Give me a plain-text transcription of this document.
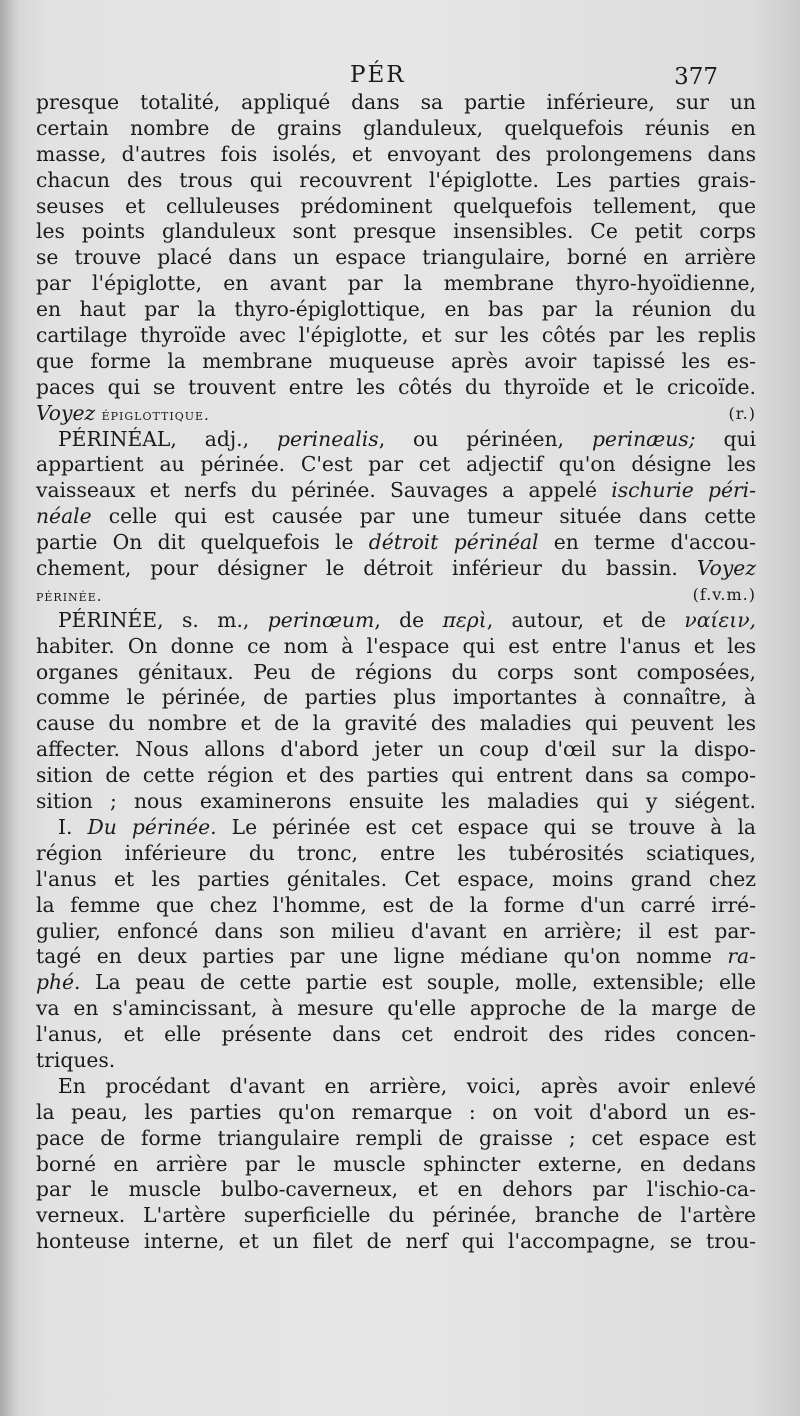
PÉR	377
presque totalité, appliqué dans sa partie inférieure, sur un
certain nombre de grains glanduleux, quelquefois réunis en
masse, d'autres fois isolés, et envoyant des prolongemens dans
chacun des trous qui recouvrent l'épiglotte. Les parties grais-
seuses et celluleuses prédominent quelquefois tellement, que
les points glanduleux sont presque insensibles. Ce petit corps
se trouve placé dans un espace triangulaire, borné en arrière
par l'épiglotte, en avant par la membrane thyro-hyoïdienne,
en haut par la thyro-épiglottique, en bas par la réunion du
cartilage thyroïde avec l'épiglotte, et sur les côtés par les replis
que forme la membrane muqueuse après avoir tapissé les es-
paces qui se trouvent entre les côtés du thyroïde et le cricoïde.
Voyez épiglottique.	(r.)
PÉRINÉAL, adj., perinealis, ou périnéen, perinæus; qui
appartient au périnée. C'est par cet adjectif qu'on désigne les
vaisseaux et nerfs du périnée. Sauvages a appelé ischurie péri-
néale celle qui est causée par une tumeur située dans cette
partie On dit quelquefois le détroit périnéal en terme d'accou-
chement, pour désigner le détroit inférieur du bassin. Voyez
périnée.	(f.v.m.)
PÉRINÉE, s. m., perinœum, de περὶ, autour, et de ναίειν,
habiter. On donne ce nom à l'espace qui est entre l'anus et les
organes génitaux. Peu de régions du corps sont composées,
comme le périnée, de parties plus importantes à connaître, à
cause du nombre et de la gravité des maladies qui peuvent les
affecter. Nous allons d'abord jeter un coup d'œil sur la dispo-
sition de cette région et des parties qui entrent dans sa compo-
sition ; nous examinerons ensuite les maladies qui y siégent.
I. Du périnée. Le périnée est cet espace qui se trouve à la
région inférieure du tronc, entre les tubérosités sciatiques,
l'anus et les parties génitales. Cet espace, moins grand chez
la femme que chez l'homme, est de la forme d'un carré irré-
gulier, enfoncé dans son milieu d'avant en arrière; il est par-
tagé en deux parties par une ligne médiane qu'on nomme ra-
phé. La peau de cette partie est souple, molle, extensible; elle
va en s'amincissant, à mesure qu'elle approche de la marge de
l'anus, et elle présente dans cet endroit des rides concen-
triques.
En procédant d'avant en arrière, voici, après avoir enlevé
la peau, les parties qu'on remarque : on voit d'abord un es-
pace de forme triangulaire rempli de graisse ; cet espace est
borné en arrière par le muscle sphincter externe, en dedans
par le muscle bulbo-caverneux, et en dehors par l'ischio-ca-
verneux. L'artère superficielle du périnée, branche de l'artère
honteuse interne, et un filet de nerf qui l'accompagne, se trou-
